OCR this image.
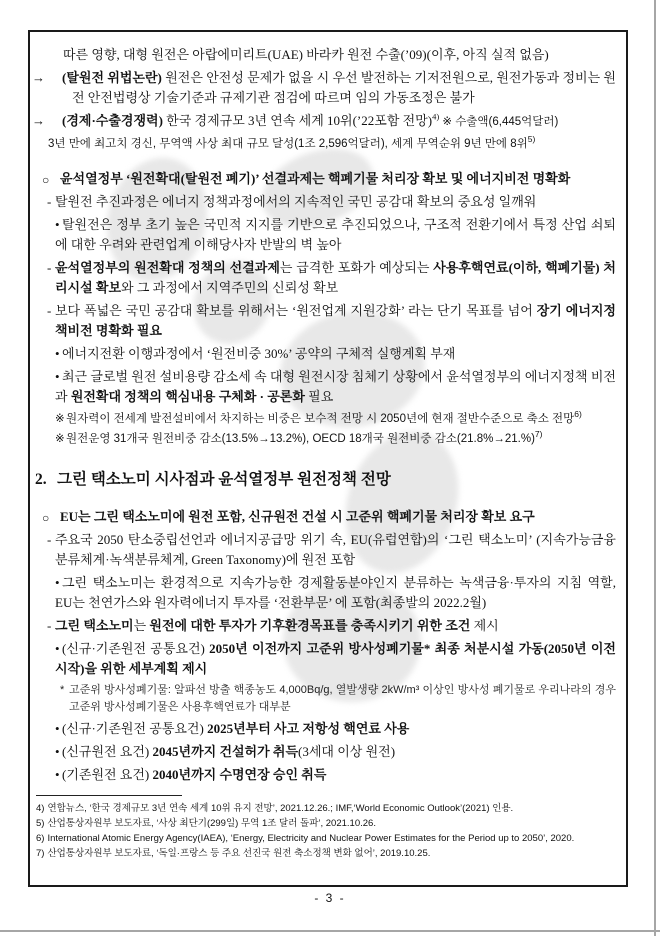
따른 영향, 대형 원전은 아랍에미리트(UAE) 바라카 원전 수출(’09)(이후, 아직 실적 없음)
→ (탈원전 위법논란) 원전은 안전성 문제가 없을 시 우선 발전하는 기저전원으로, 원전가동과 정비는 원전 안전법령상 기술기준과 규제기관 점검에 따르며 임의 가동조정은 불가
→ (경제·수출경쟁력) 한국 경제규모 3년 연속 세계 10위(’22포함 전망)$^{4)}$ ※ 수출액(6,445억달러)
3년 만에 최고치 경신, 무역액 사상 최대 규모 달성(1조 2,596억달러), 세계 무역순위 9년 만에 8위$^{5)}$
○ 윤석열정부 ‘원전확대(탈원전 폐기)’ 선결과제는 핵폐기물 처리장 확보 및 에너지비전 명확화
- 탈원전 추진과정은 에너지 정책과정에서의 지속적인 국민 공감대 확보의 중요성 일깨워
• 탈원전은 정부 초기 높은 국민적 지지를 기반으로 추진되었으나, 구조적 전환기에서 특정 산업 쇠퇴에 대한 우려와 관련업계 이해당사자 반발의 벽 높아
- 윤석열정부의 원전확대 정책의 선결과제는 급격한 포화가 예상되는 사용후핵연료(이하, 핵폐기물) 처리시설 확보와 그 과정에서 지역주민의 신뢰성 확보
- 보다 폭넓은 국민 공감대 확보를 위해서는 ‘원전업계 지원강화’ 라는 단기 목표를 넘어 장기 에너지정책비전 명확화 필요
• 에너지전환 이행과정에서 ‘원전비중 30%’ 공약의 구체적 실행계획 부재
• 최근 글로벌 원전 설비용량 감소세 속 대형 원전시장 침체기 상황에서 윤석열정부의 에너지정책 비전과 원전확대 정책의 핵심내용 구체화 · 공론화 필요
※ 원자력이 전세계 발전설비에서 차지하는 비중은 보수적 전망 시 2050년에 현재 절반수준으로 축소 전망$^{6)}$
※ 원전운영 31개국 원전비중 감소(13.5%→13.2%), OECD 18개국 원전비중 감소$(21.8\%\to 21.\%)^{7)}$
2. 그린 택소노미 시사점과 윤석열정부 원전정책 전망
○ EU는 그린 택소노미에 원전 포함, 신규원전 건설 시 고준위 핵폐기물 처리장 확보 요구
- 주요국 2050 탄소중립선언과 에너지공급망 위기 속, EU(유럽연합)의 ‘그린 택소노미’ (지속가능금융 분류체계·녹색분류체계, Green Taxonomy)에 원전 포함
• 그린 택소노미는 환경적으로 지속가능한 경제활동분야인지 분류하는 녹색금융·투자의 지침 역할, EU는 천연가스와 원자력에너지 투자를 ‘전환부문’ 에 포함(최종발의 2022.2월)
- 그린 택소노미는 원전에 대한 투자가 기후환경목표를 충족시키기 위한 조건 제시
• (신규·기존원전 공통요건) 2050년 이전까지 고준위 방사성폐기물* 최종 처분시설 가동(2050년 이전 시작)을 위한 세부계획 제시
* 고준위 방사성폐기물: 알파선 방출 핵종농도 4,000Bq/g, 열발생량 2kW/m³ 이상인 방사성 폐기물로 우리나라의 경우 고준위 방사성폐기물은 사용후핵연료가 대부분
• (신규·기존원전 공통요건) 2025년부터 사고 저항성 핵연료 사용
• (신규원전 요건) 2045년까지 건설허가 취득(3세대 이상 원전)
• (기존원전 요건) 2040년까지 수명연장 승인 취득
4) 연합뉴스, ‘한국 경제규모 3년 연속 세계 10위 유지 전망’, 2021.12.26.; IMF,‘World Economic Outlook’(2021) 인용.
5) 산업통상자원부 보도자료, ‘사상 최단기(299일) 무역 1조 달러 돌파’, 2021.10.26.
6) International Atomic Energy Agency(IAEA), ‘Energy, Electricity and Nuclear Power Estimates for the Period up to 2050’, 2020.
7) 산업통상자원부 보도자료, ‘독일·프랑스 등 주요 선진국 원전 축소정책 변화 없어’, 2019.10.25.
- 3 -
